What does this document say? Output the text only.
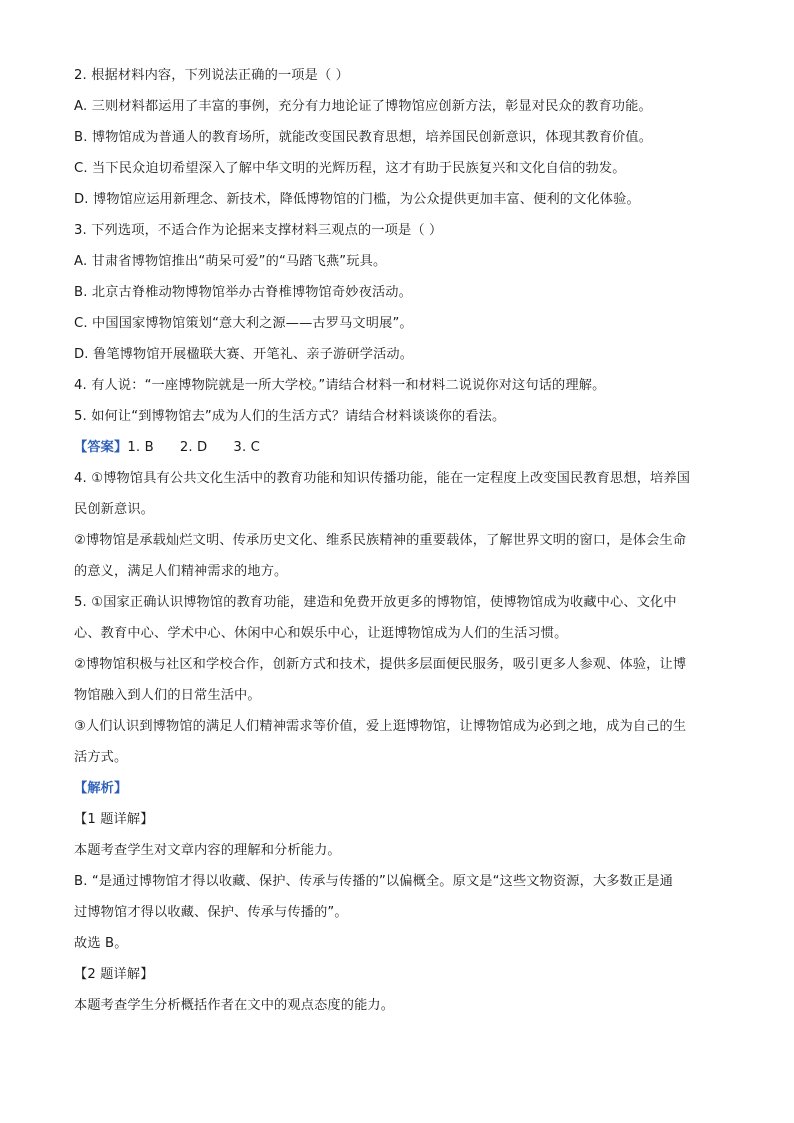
2. 根据材料内容，下列说法正确的一项是（ ）
A. 三则材料都运用了丰富的事例，充分有力地论证了博物馆应创新方法，彰显对民众的教育功能。
B. 博物馆成为普通人的教育场所，就能改变国民教育思想，培养国民创新意识，体现其教育价值。
C. 当下民众迫切希望深入了解中华文明的光辉历程，这才有助于民族复兴和文化自信的勃发。
D. 博物馆应运用新理念、新技术，降低博物馆的门槛，为公众提供更加丰富、便利的文化体验。
3. 下列选项，不适合作为论据来支撑材料三观点的一项是（ ）
A. 甘肃省博物馆推出“萌呆可爱”的“马踏飞燕”玩具。
B. 北京古脊椎动物博物馆举办古脊椎博物馆奇妙夜活动。
C. 中国国家博物馆策划“意大利之源——古罗马文明展”。
D. 鲁笔博物馆开展楹联大赛、开笔礼、亲子游研学活动。
4. 有人说：“一座博物院就是一所大学校。”请结合材料一和材料二说说你对这句话的理解。
5. 如何让“到博物馆去”成为人们的生活方式？请结合材料谈谈你的看法。
【答案】1. B      2. D      3. C
4. ①博物馆具有公共文化生活中的教育功能和知识传播功能，能在一定程度上改变国民教育思想，培养国
民创新意识。
②博物馆是承载灿烂文明、传承历史文化、维系民族精神的重要载体，了解世界文明的窗口，是体会生命
的意义，满足人们精神需求的地方。
5. ①国家正确认识博物馆的教育功能，建造和免费开放更多的博物馆，使博物馆成为收藏中心、文化中
心、教育中心、学术中心、休闲中心和娱乐中心，让逛博物馆成为人们的生活习惯。
②博物馆积极与社区和学校合作，创新方式和技术，提供多层面便民服务，吸引更多人参观、体验，让博
物馆融入到人们的日常生活中。
③人们认识到博物馆的满足人们精神需求等价值，爱上逛博物馆，让博物馆成为必到之地，成为自己的生
活方式。
【解析】
【1 题详解】
本题考查学生对文章内容的理解和分析能力。
B. “是通过博物馆才得以收藏、保护、传承与传播的”以偏概全。原文是“这些文物资源，大多数正是通
过博物馆才得以收藏、保护、传承与传播的”。
故选 B。
【2 题详解】
本题考查学生分析概括作者在文中的观点态度的能力。
